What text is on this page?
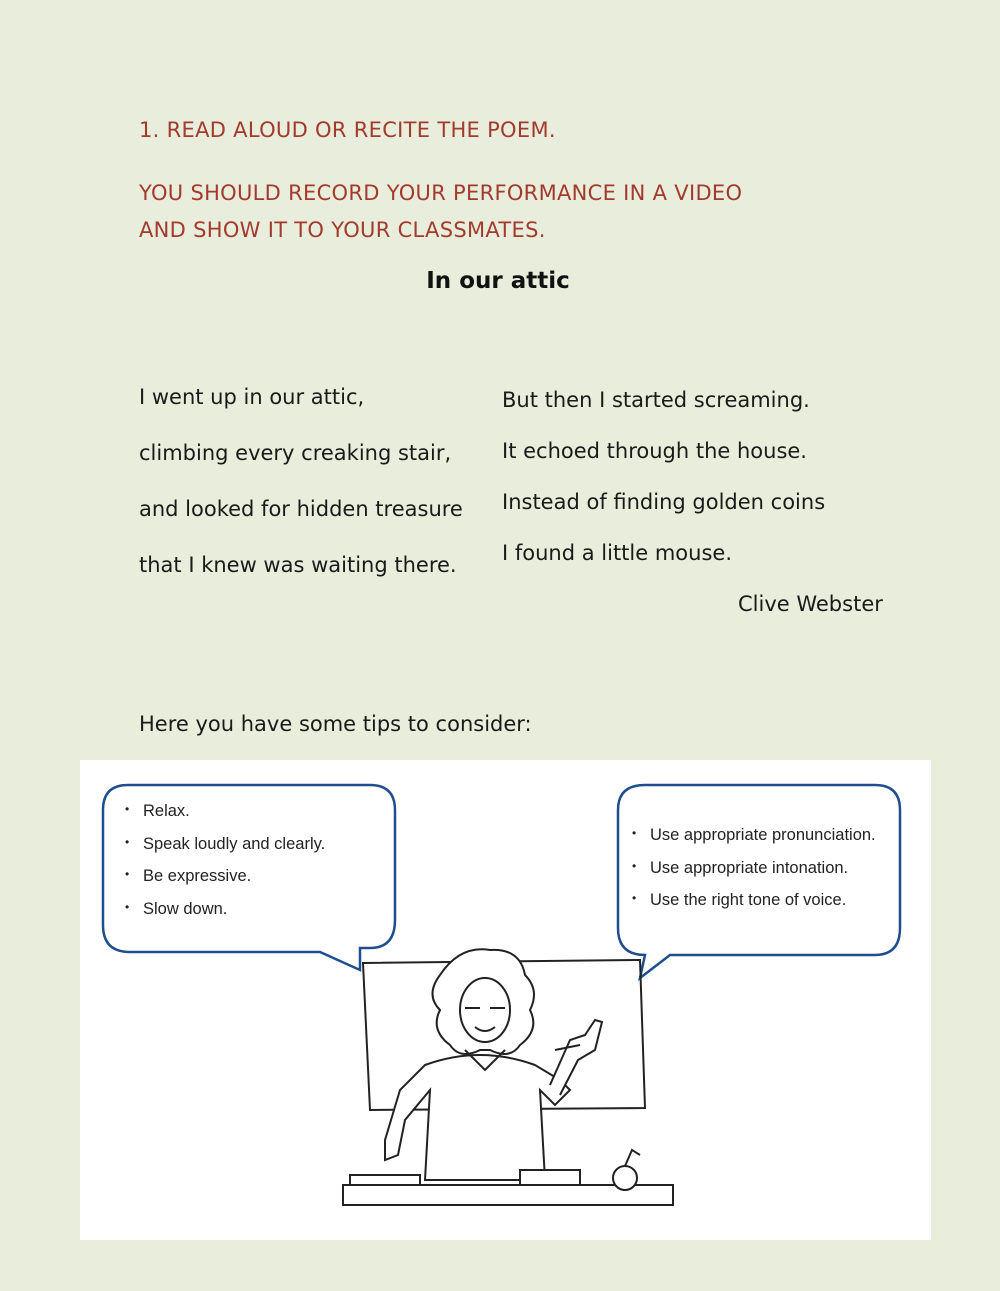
1. READ ALOUD OR RECITE THE POEM.
YOU SHOULD RECORD YOUR PERFORMANCE IN A VIDEO
AND SHOW IT TO YOUR CLASSMATES.
In our attic
I went up in our attic,
climbing every creaking stair,
and looked for hidden treasure
that I knew was waiting there.
But then I started screaming.
It echoed through the house.
Instead of finding golden coins
I found a little mouse.
Clive Webster
Here you have some tips to consider:
• Relax.
• Speak loudly and clearly.
• Be expressive.
• Slow down.
• Use appropriate pronunciation.
• Use appropriate intonation.
• Use the right tone of voice.
